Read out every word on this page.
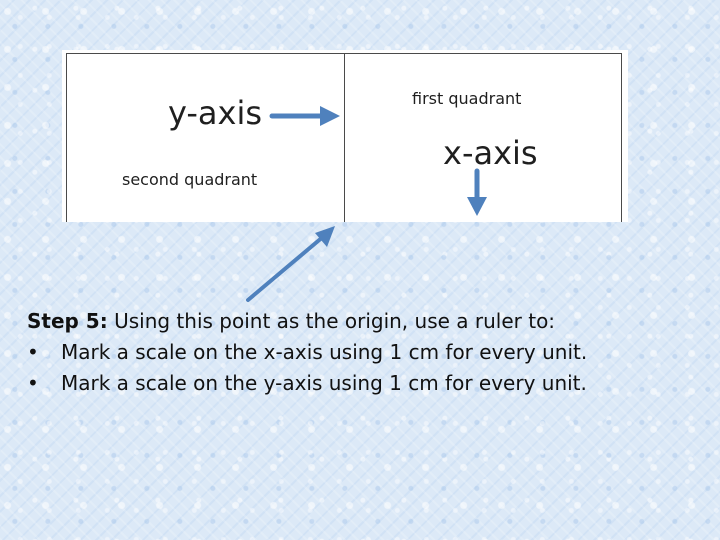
y-axis
second quadrant
first quadrant
x-axis

Step 5: Using this point as the origin, use a ruler to:

•	Mark a scale on the x-axis using 1 cm for every unit.

•	Mark a scale on the y-axis using 1 cm for every unit.
